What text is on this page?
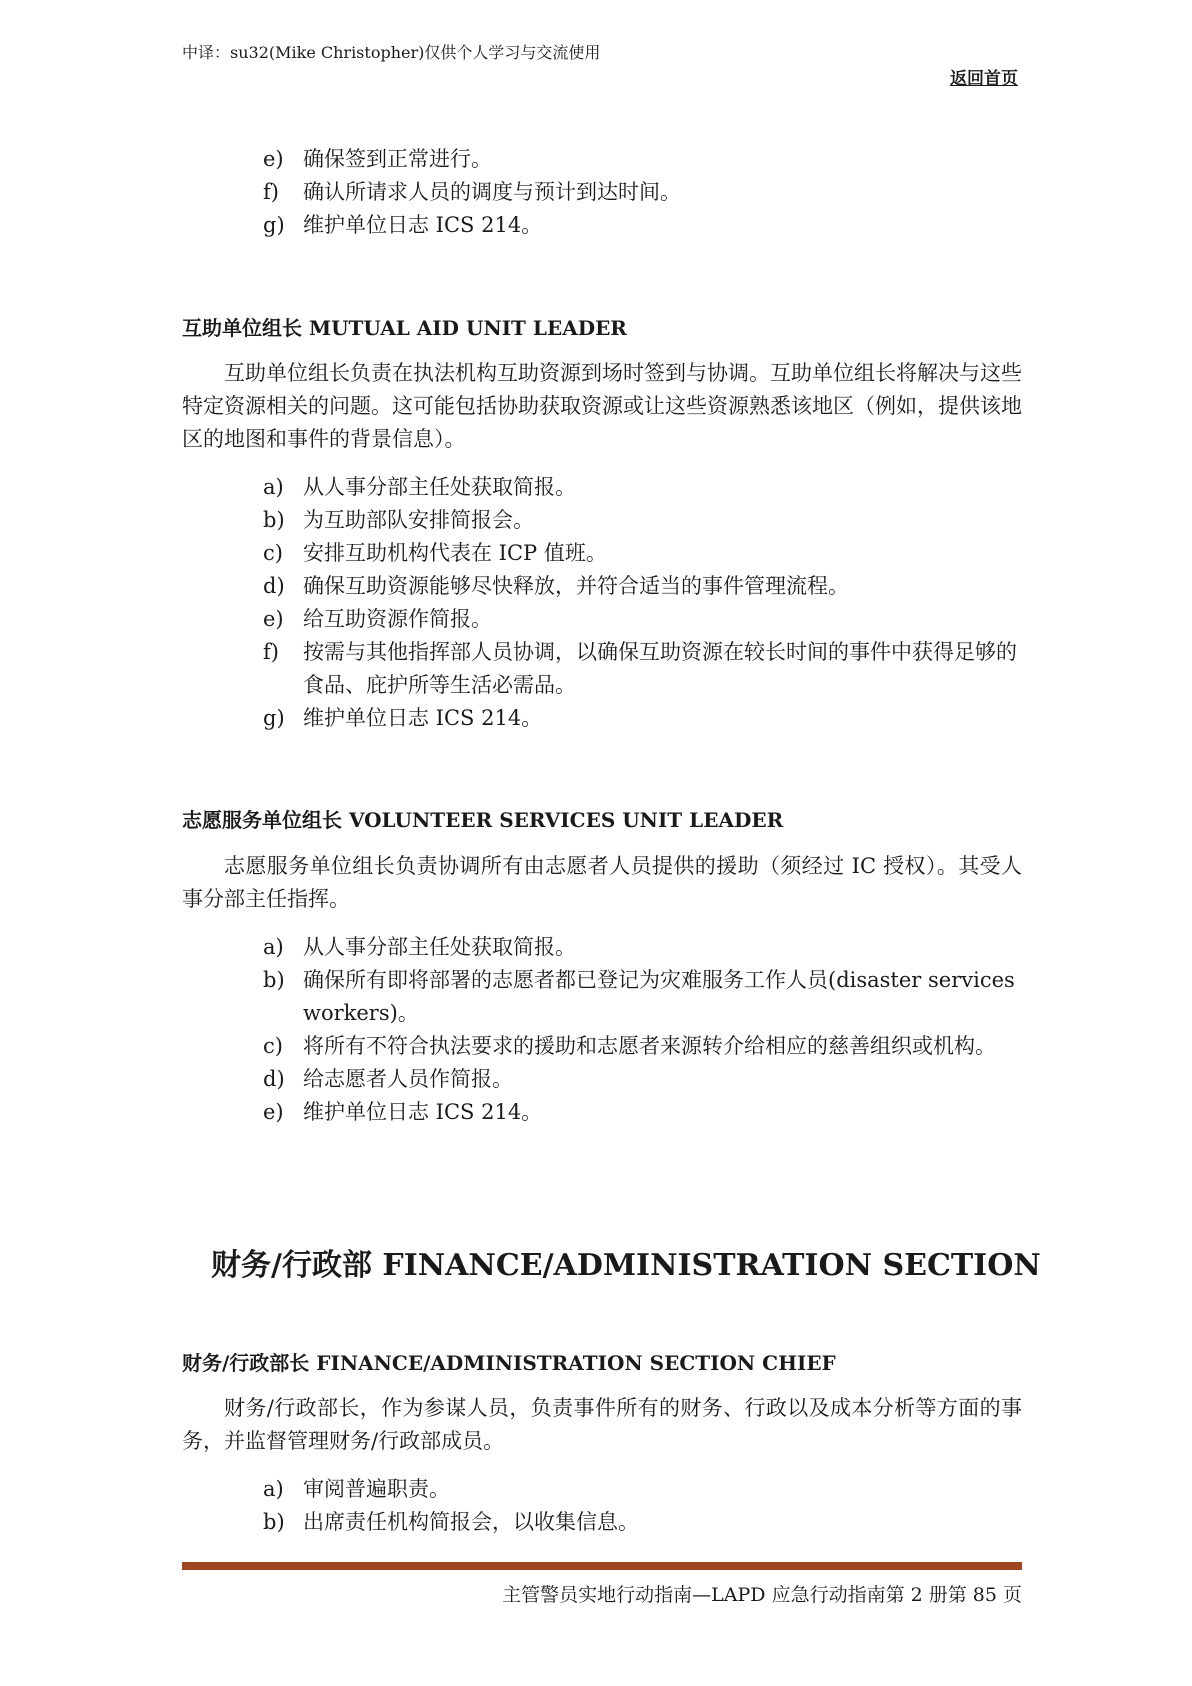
中译：su32(Mike Christopher)仅供个人学习与交流使用
返回首页
e) 确保签到正常进行。
f)	确认所请求人员的调度与预计到达时间。
g) 维护单位日志 ICS 214。
互助单位组长 MUTUAL AID UNIT LEADER

互助单位组长负责在执法机构互助资源到场时签到与协调。互助单位组长将解决与这些特定资源相关的问题。这可能包括协助获取资源或让这些资源熟悉该地区（例如，提供该地区的地图和事件的背景信息）。

a) 从人事分部主任处获取简报。
b) 为互助部队安排简报会。
c) 安排互助机构代表在 ICP 值班。
d) 确保互助资源能够尽快释放，并符合适当的事件管理流程。
e) 给互助资源作简报。
f)	按需与其他指挥部人员协调，以确保互助资源在较长时间的事件中获得足够的食品、庇护所等生活必需品。
g) 维护单位日志 ICS 214。
志愿服务单位组长 VOLUNTEER SERVICES UNIT LEADER

志愿服务单位组长负责协调所有由志愿者人员提供的援助（须经过 IC 授权）。其受人事分部主任指挥。

a) 从人事分部主任处获取简报。
b) 确保所有即将部署的志愿者都已登记为灾难服务工作人员(disaster services workers)。
c) 将所有不符合执法要求的援助和志愿者来源转介给相应的慈善组织或机构。
d) 给志愿者人员作简报。
e) 维护单位日志 ICS 214。
财务/行政部 FINANCE/ADMINISTRATION SECTION
财务/行政部长 FINANCE/ADMINISTRATION SECTION CHIEF

财务/行政部长，作为参谋人员，负责事件所有的财务、行政以及成本分析等方面的事务，并监督管理财务/行政部成员。

a) 审阅普遍职责。
b) 出席责任机构简报会，以收集信息。
主管警员实地行动指南—LAPD 应急行动指南第 2 册第 85 页
